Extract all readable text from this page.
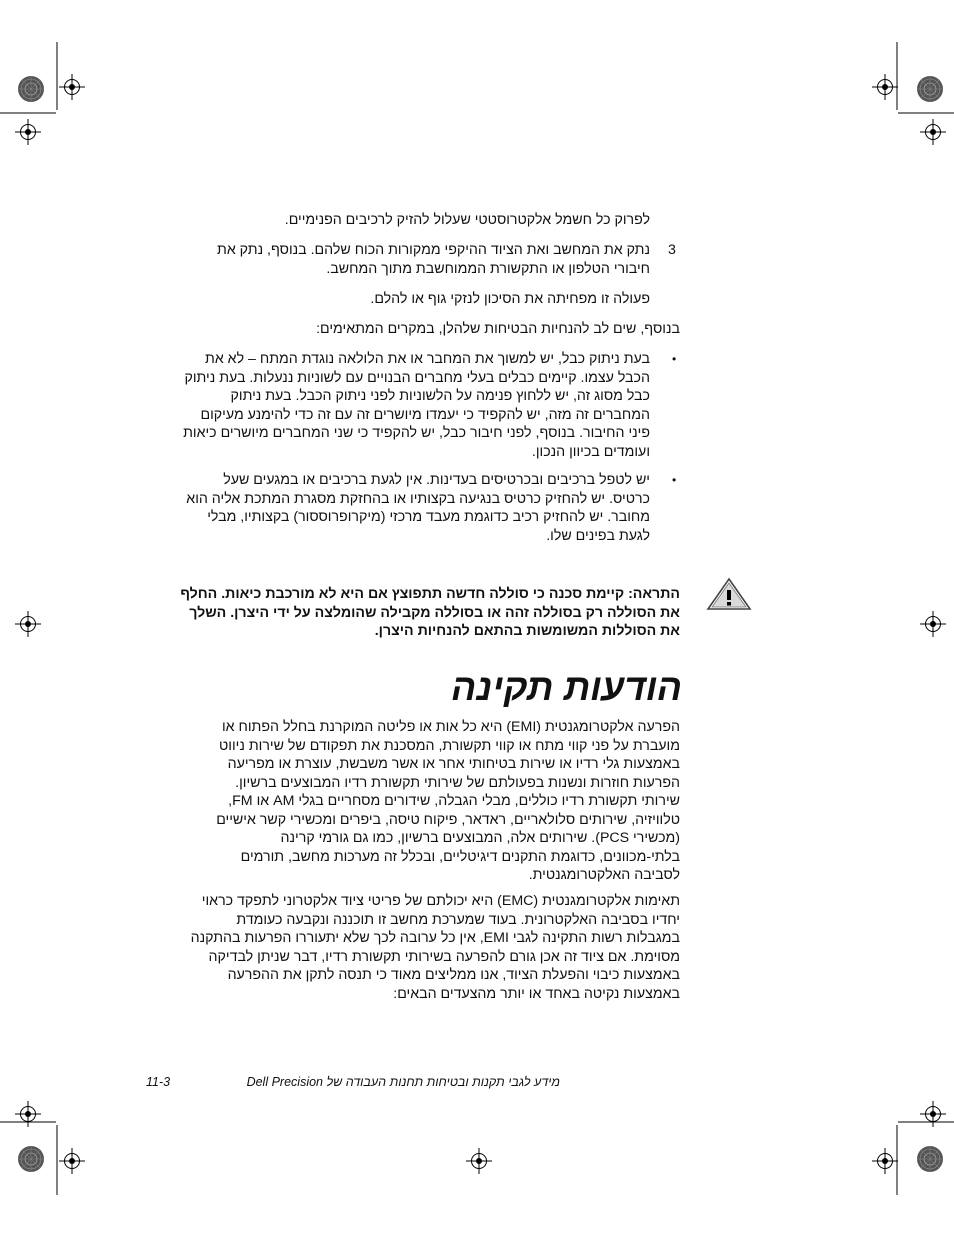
לפרוק כל חשמל אלקטרוסטטי שעלול להזיק לרכיבים הפנימיים.
3
נתק את המחשב ואת הציוד ההיקפי ממקורות הכוח שלהם. בנוסף, נתק את חיבורי הטלפון או התקשורת הממוחשבת מתוך המחשב.
פעולה זו מפחיתה את הסיכון לנזקי גוף או להלם.
בנוסף, שים לב להנחיות הבטיחות שלהלן, במקרים המתאימים:
•
בעת ניתוק כבל, יש למשוך את המחבר או את הלולאה נוגדת המתח – לא את הכבל עצמו. קיימים כבלים בעלי מחברים הבנויים עם לשוניות ננעלות. בעת ניתוק כבל מסוג זה, יש ללחוץ פנימה על הלשוניות לפני ניתוק הכבל. בעת ניתוק המחברים זה מזה, יש להקפיד כי יעמדו מיושרים זה עם זה כדי להימנע מעיקום פיני החיבור. בנוסף, לפני חיבור כבל, יש להקפיד כי שני המחברים מיושרים כיאות ועומדים בכיוון הנכון.
•
יש לטפל ברכיבים ובכרטיסים בעדינות. אין לגעת ברכיבים או במגעים שעל כרטיס. יש להחזיק כרטיס בנגיעה בקצותיו או בהחזקת מסגרת המתכת אליה הוא מחובר. יש להחזיק רכיב כדוגמת מעבד מרכזי (מיקרופרוססור) בקצותיו, מבלי לגעת בפינים שלו.
התראה: קיימת סכנה כי סוללה חדשה תתפוצץ אם היא לא מורכבת כיאות. החלף את הסוללה רק בסוללה זהה או בסוללה מקבילה שהומלצה על ידי היצרן. השלך את הסוללות המשומשות בהתאם להנחיות היצרן.
הודעות תקינה
הפרעה אלקטרומגנטית (EMI) היא כל אות או פליטה המוקרנת בחלל הפתוח או מועברת על פני קווי מתח או קווי תקשורת, המסכנת את תפקודם של שירות ניווט באמצעות גלי רדיו או שירות בטיחותי אחר או אשר משבשת, עוצרת או מפריעה הפרעות חוזרות ונשנות בפעולתם של שירותי תקשורת רדיו המבוצעים ברשיון. שירותי תקשורת רדיו כוללים, מבלי הגבלה, שידורים מסחריים בגלי AM או FM, טלוויזיה, שירותים סלולאריים, ראדאר, פיקוח טיסה, ביפרים ומכשירי קשר אישיים (מכשירי PCS). שירותים אלה, המבוצעים ברשיון, כמו גם גורמי קרינה בלתי-מכוונים, כדוגמת התקנים דיגיטליים, ובכלל זה מערכות מחשב, תורמים לסביבה האלקטרומגנטית.
תאימות אלקטרומגנטית (EMC) היא יכולתם של פריטי ציוד אלקטרוני לתפקד כראוי יחדיו בסביבה האלקטרונית. בעוד שמערכת מחשב זו תוכננה ונקבעה כעומדת במגבלות רשות התקינה לגבי EMI, אין כל ערובה לכך שלא יתעוררו הפרעות בהתקנה מסוימת. אם ציוד זה אכן גורם להפרעה בשירותי תקשורת רדיו, דבר שניתן לבדיקה באמצעות כיבוי והפעלת הציוד, אנו ממליצים מאוד כי תנסה לתקן את ההפרעה באמצעות נקיטה באחד או יותר מהצעדים הבאים:
מידע לגבי תקנות ובטיחות תחנות העבודה של Dell Precision
11-3
